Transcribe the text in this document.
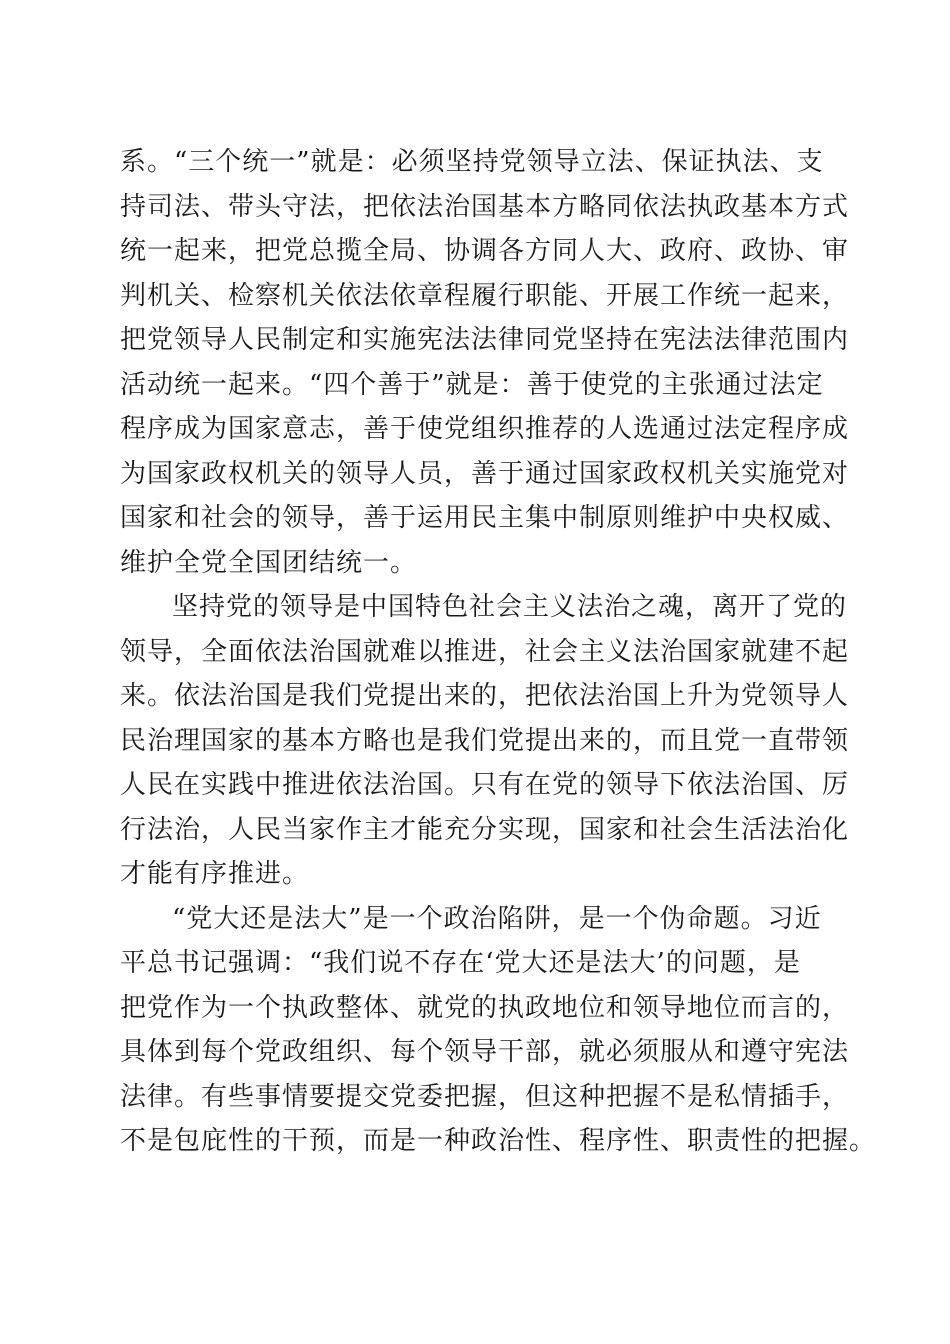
系。“三个统一”就是：必须坚持党领导立法、保证执法、支
持司法、带头守法，把依法治国基本方略同依法执政基本方式
统一起来，把党总揽全局、协调各方同人大、政府、政协、审
判机关、检察机关依法依章程履行职能、开展工作统一起来，
把党领导人民制定和实施宪法法律同党坚持在宪法法律范围内
活动统一起来。“四个善于”就是：善于使党的主张通过法定
程序成为国家意志，善于使党组织推荐的人选通过法定程序成
为国家政权机关的领导人员，善于通过国家政权机关实施党对
国家和社会的领导，善于运用民主集中制原则维护中央权威、
维护全党全国团结统一。

坚持党的领导是中国特色社会主义法治之魂，离开了党的
领导，全面依法治国就难以推进，社会主义法治国家就建不起
来。依法治国是我们党提出来的，把依法治国上升为党领导人
民治理国家的基本方略也是我们党提出来的，而且党一直带领
人民在实践中推进依法治国。只有在党的领导下依法治国、厉
行法治，人民当家作主才能充分实现，国家和社会生活法治化
才能有序推进。

“党大还是法大”是一个政治陷阱，是一个伪命题。习近
平总书记强调：“我们说不存在‘党大还是法大’的问题，是
把党作为一个执政整体、就党的执政地位和领导地位而言的，
具体到每个党政组织、每个领导干部，就必须服从和遵守宪法
法律。有些事情要提交党委把握，但这种把握不是私情插手，
不是包庇性的干预，而是一种政治性、程序性、职责性的把握。
